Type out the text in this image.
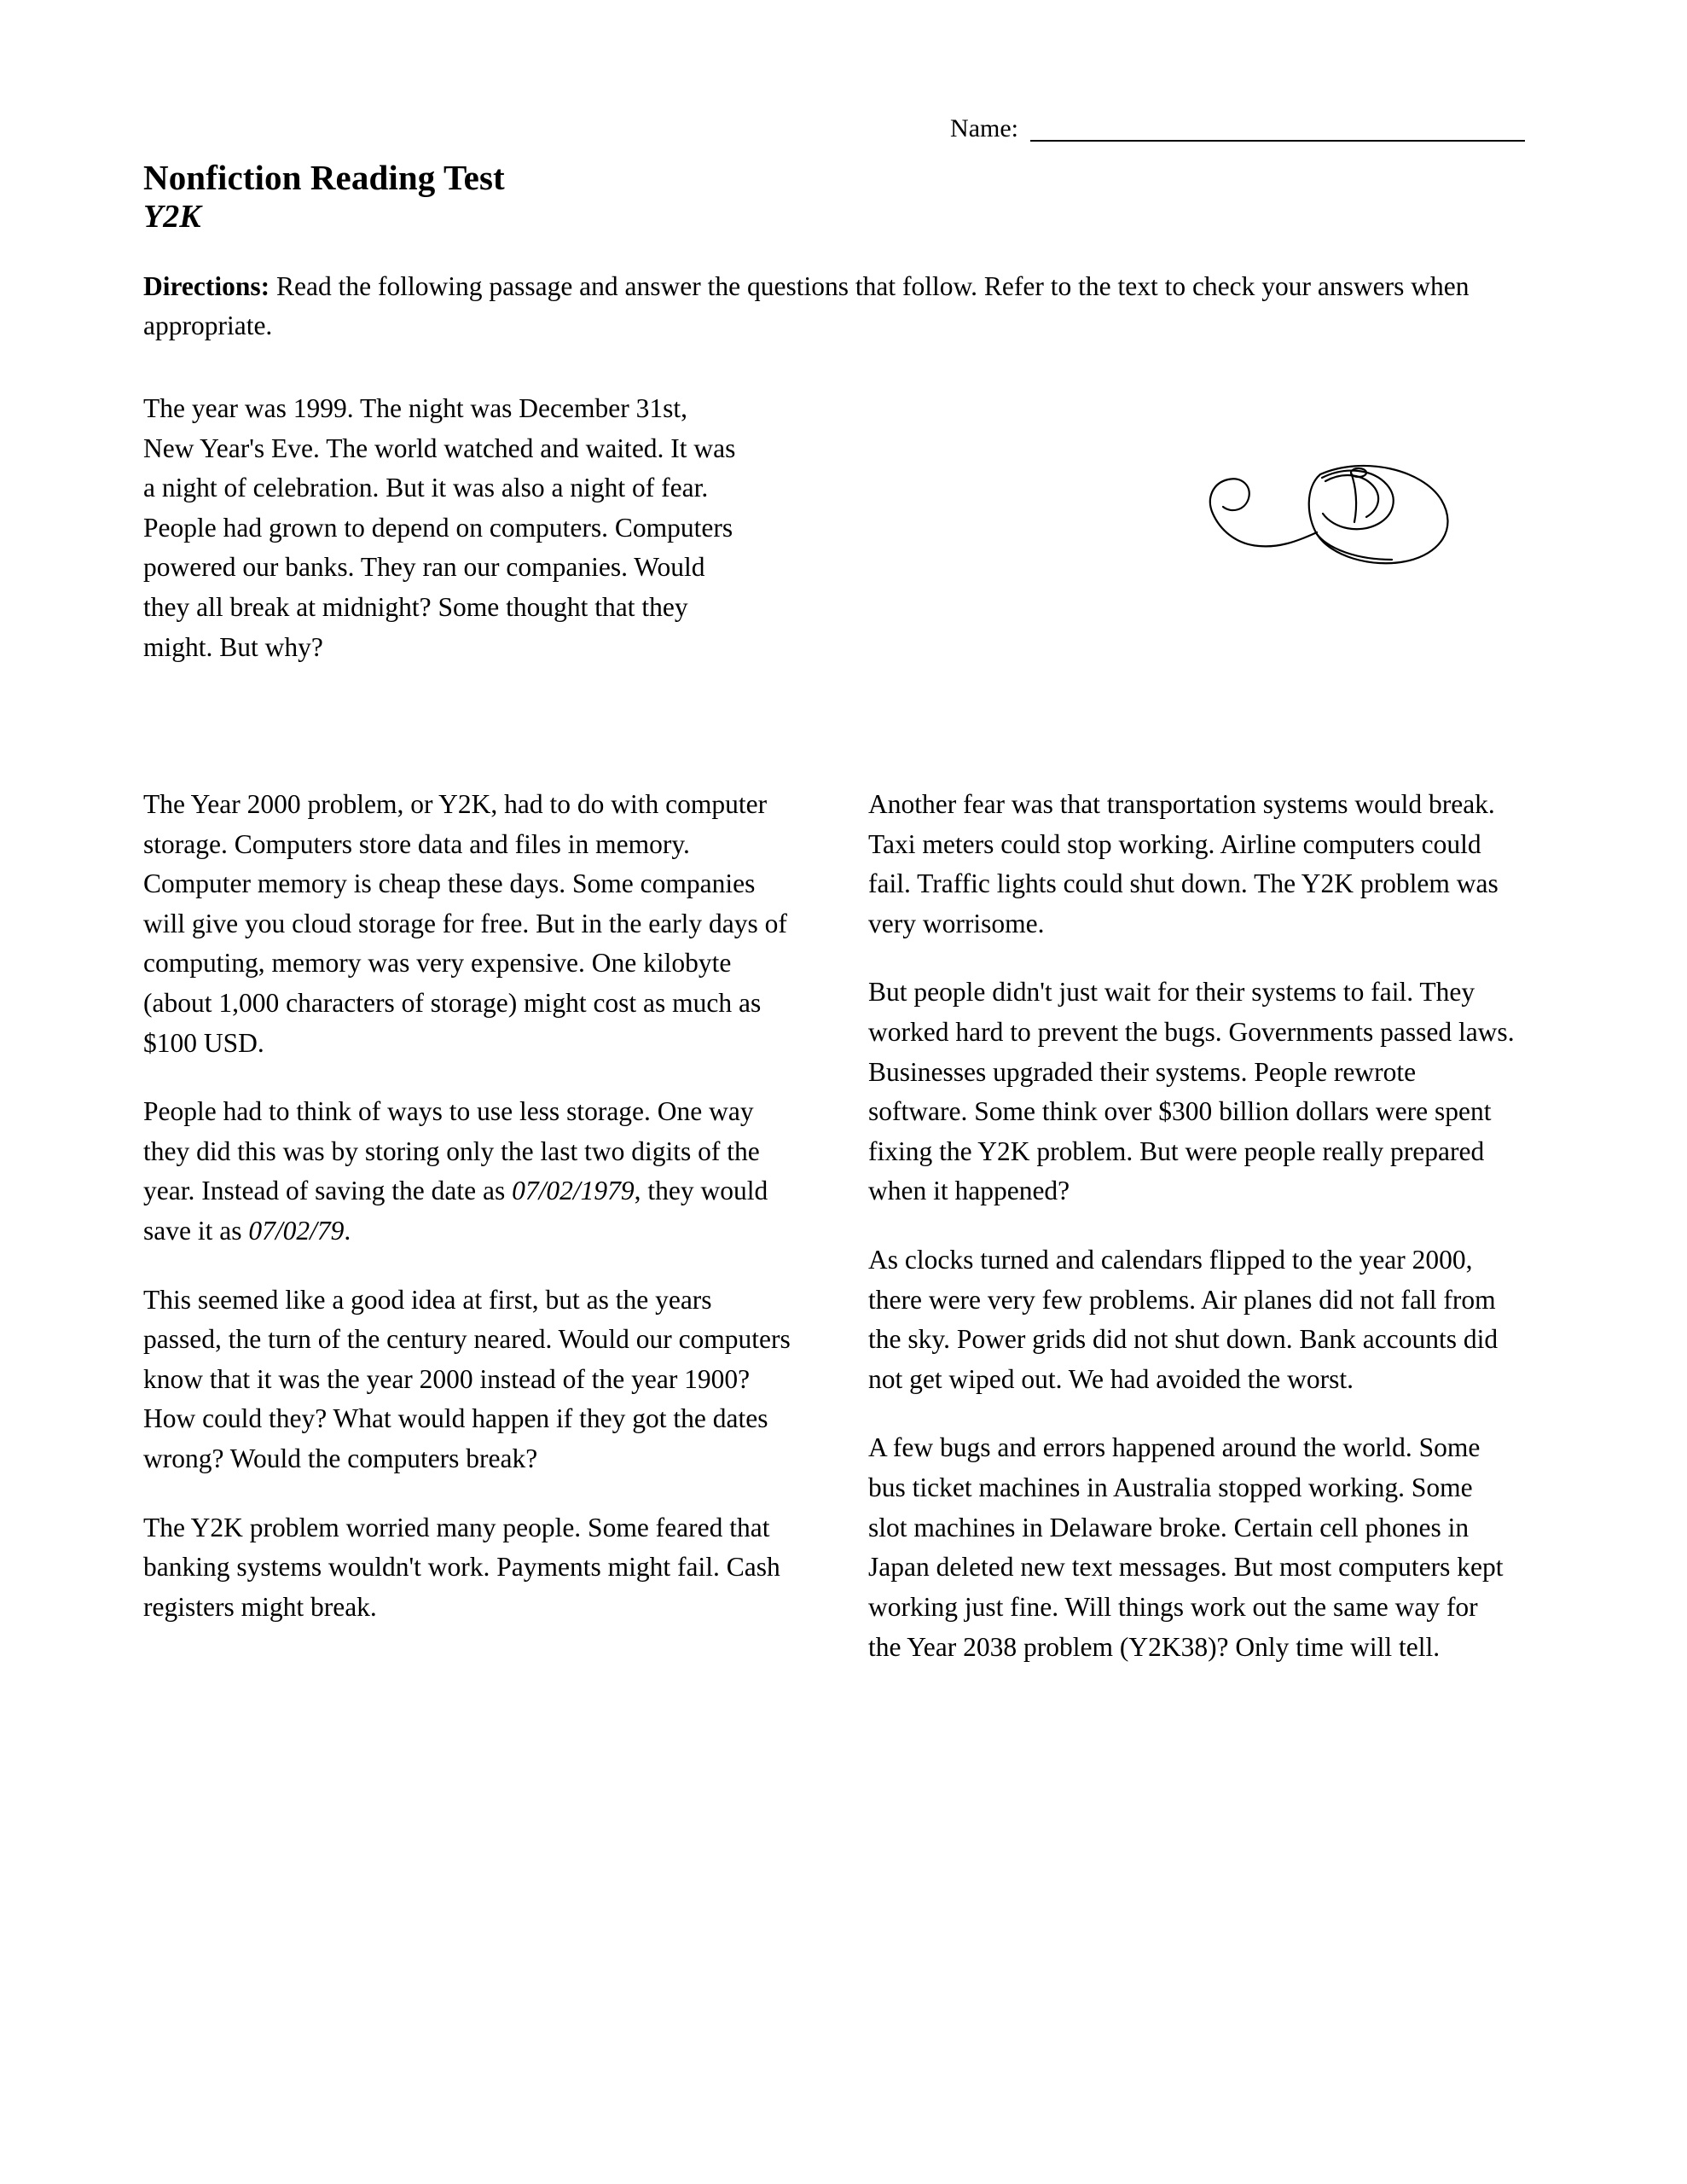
Name:
Nonfiction Reading Test
Y2K

Directions: Read the following passage and answer the questions that follow. Refer to the text to check your answers when appropriate.

The year was 1999. The night was December 31st, New Year's Eve. The world watched and waited. It was a night of celebration. But it was also a night of fear. People had grown to depend on computers. Computers powered our banks. They ran our companies. Would they all break at midnight? Some thought that they might. But why?

The Year 2000 problem, or Y2K, had to do with computer storage. Computers store data and files in memory. Computer memory is cheap these days. Some companies will give you cloud storage for free. But in the early days of computing, memory was very expensive. One kilobyte (about 1,000 characters of storage) might cost as much as $100 USD.

People had to think of ways to use less storage. One way they did this was by storing only the last two digits of the year. Instead of saving the date as 07/02/1979, they would save it as 07/02/79.

This seemed like a good idea at first, but as the years passed, the turn of the century neared. Would our computers know that it was the year 2000 instead of the year 1900? How could they? What would happen if they got the dates wrong? Would the computers break?

The Y2K problem worried many people. Some feared that banking systems wouldn't work. Payments might fail. Cash registers might break.

Another fear was that transportation systems would break. Taxi meters could stop working. Airline computers could fail. Traffic lights could shut down. The Y2K problem was very worrisome.

But people didn't just wait for their systems to fail. They worked hard to prevent the bugs. Governments passed laws. Businesses upgraded their systems. People rewrote software. Some think over $300 billion dollars were spent fixing the Y2K problem. But were people really prepared when it happened?

As clocks turned and calendars flipped to the year 2000, there were very few problems. Air planes did not fall from the sky. Power grids did not shut down. Bank accounts did not get wiped out. We had avoided the worst.

A few bugs and errors happened around the world. Some bus ticket machines in Australia stopped working. Some slot machines in Delaware broke. Certain cell phones in Japan deleted new text messages. But most computers kept working just fine. Will things work out the same way for the Year 2038 problem (Y2K38)? Only time will tell.
